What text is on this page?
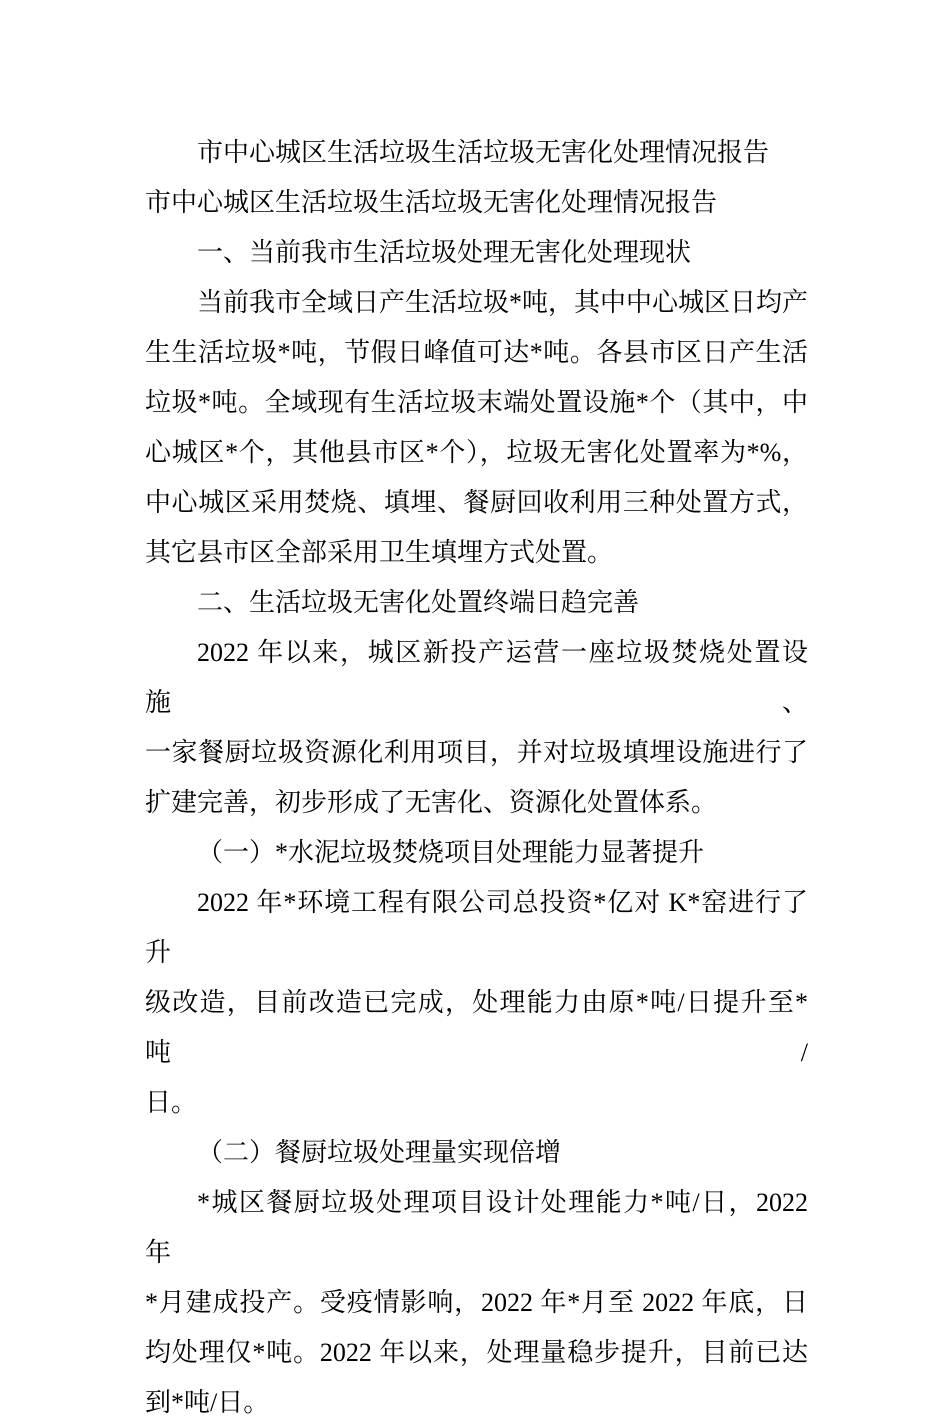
市中心城区生活垃圾生活垃圾无害化处理情况报告
市中心城区生活垃圾生活垃圾无害化处理情况报告
一、当前我市生活垃圾处理无害化处理现状
当前我市全域日产生活垃圾*吨，其中中心城区日均产
生生活垃圾*吨，节假日峰值可达*吨。各县市区日产生活
垃圾*吨。全域现有生活垃圾末端处置设施*个（其中，中
心城区*个，其他县市区*个），垃圾无害化处置率为*%，
中心城区采用焚烧、填埋、餐厨回收利用三种处置方式，
其它县市区全部采用卫生填埋方式处置。
二、生活垃圾无害化处置终端日趋完善
2022 年以来，城区新投产运营一座垃圾焚烧处置设施、
一家餐厨垃圾资源化利用项目，并对垃圾填埋设施进行了
扩建完善，初步形成了无害化、资源化处置体系。
（一）*水泥垃圾焚烧项目处理能力显著提升
2022 年*环境工程有限公司总投资*亿对 K*窑进行了升
级改造，目前改造已完成，处理能力由原*吨/日提升至*吨/
日。
（二）餐厨垃圾处理量实现倍增
*城区餐厨垃圾处理项目设计处理能力*吨/日，2022 年
*月建成投产。受疫情影响，2022 年*月至 2022 年底，日
均处理仅*吨。2022 年以来，处理量稳步提升，目前已达
到*吨/日。
